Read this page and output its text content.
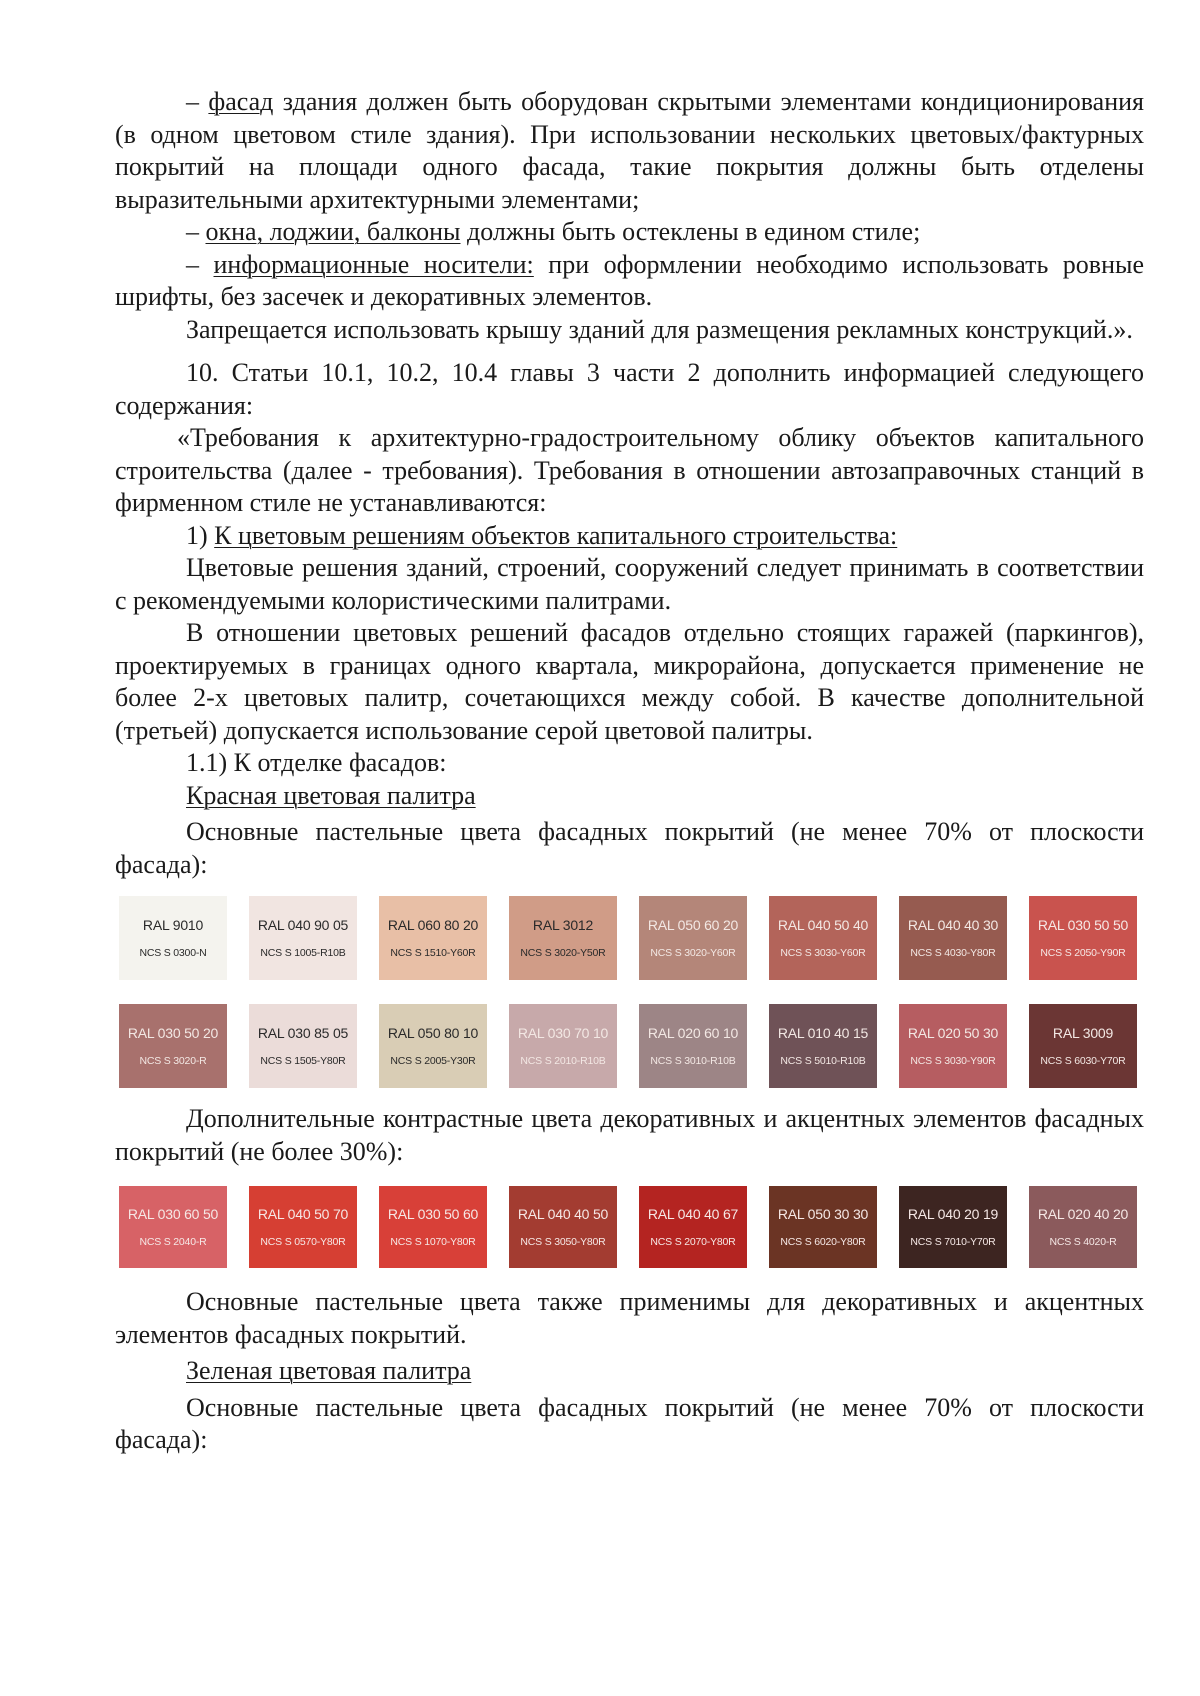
– фасад здания должен быть оборудован скрытыми элементами кондиционирования (в одном цветовом стиле здания). При использовании нескольких цветовых/фактурных покрытий на площади одного фасада, такие покрытия должны быть отделены выразительными архитектурными элементами;

– окна, лоджии, балконы должны быть остеклены в едином стиле;

– информационные носители: при оформлении необходимо использовать ровные шрифты, без засечек и декоративных элементов.

Запрещается использовать крышу зданий для размещения рекламных конструкций.».

10. Статьи 10.1, 10.2, 10.4 главы 3 части 2 дополнить информацией следующего содержания:

«Требования к архитектурно-градостроительному облику объектов капитального строительства (далее - требования). Требования в отношении автозаправочных станций в фирменном стиле не устанавливаются:

1) К цветовым решениям объектов капитального строительства:

Цветовые решения зданий, строений, сооружений следует принимать в соответствии с рекомендуемыми колористическими палитрами.

В отношении цветовых решений фасадов отдельно стоящих гаражей (паркингов), проектируемых в границах одного квартала, микрорайона, допускается применение не более 2-х цветовых палитр, сочетающихся между собой. В качестве дополнительной (третьей) допускается использование серой цветовой палитры.

1.1) К отделке фасадов:

Красная цветовая палитра

Основные пастельные цвета фасадных покрытий (не менее 70% от плоскости фасада):

RAL 9010
NCS S 0300-N
RAL 040 90 05
NCS S 1005-R10B
RAL 060 80 20
NCS S 1510-Y60R
RAL 3012
NCS S 3020-Y50R
RAL 050 60 20
NCS S 3020-Y60R
RAL 040 50 40
NCS S 3030-Y60R
RAL 040 40 30
NCS S 4030-Y80R
RAL 030 50 50
NCS S 2050-Y90R
RAL 030 50 20
NCS S 3020-R
RAL 030 85 05
NCS S 1505-Y80R
RAL 050 80 10
NCS S 2005-Y30R
RAL 030 70 10
NCS S 2010-R10B
RAL 020 60 10
NCS S 3010-R10B
RAL 010 40 15
NCS S 5010-R10B
RAL 020 50 30
NCS S 3030-Y90R
RAL 3009
NCS S 6030-Y70R

Дополнительные контрастные цвета декоративных и акцентных элементов фасадных покрытий (не более 30%):

RAL 030 60 50
NCS S 2040-R
RAL 040 50 70
NCS S 0570-Y80R
RAL 030 50 60
NCS S 1070-Y80R
RAL 040 40 50
NCS S 3050-Y80R
RAL 040 40 67
NCS S 2070-Y80R
RAL 050 30 30
NCS S 6020-Y80R
RAL 040 20 19
NCS S 7010-Y70R
RAL 020 40 20
NCS S 4020-R

Основные пастельные цвета также применимы для декоративных и акцентных элементов фасадных покрытий.

Зеленая цветовая палитра

Основные пастельные цвета фасадных покрытий (не менее 70% от плоскости фасада):
